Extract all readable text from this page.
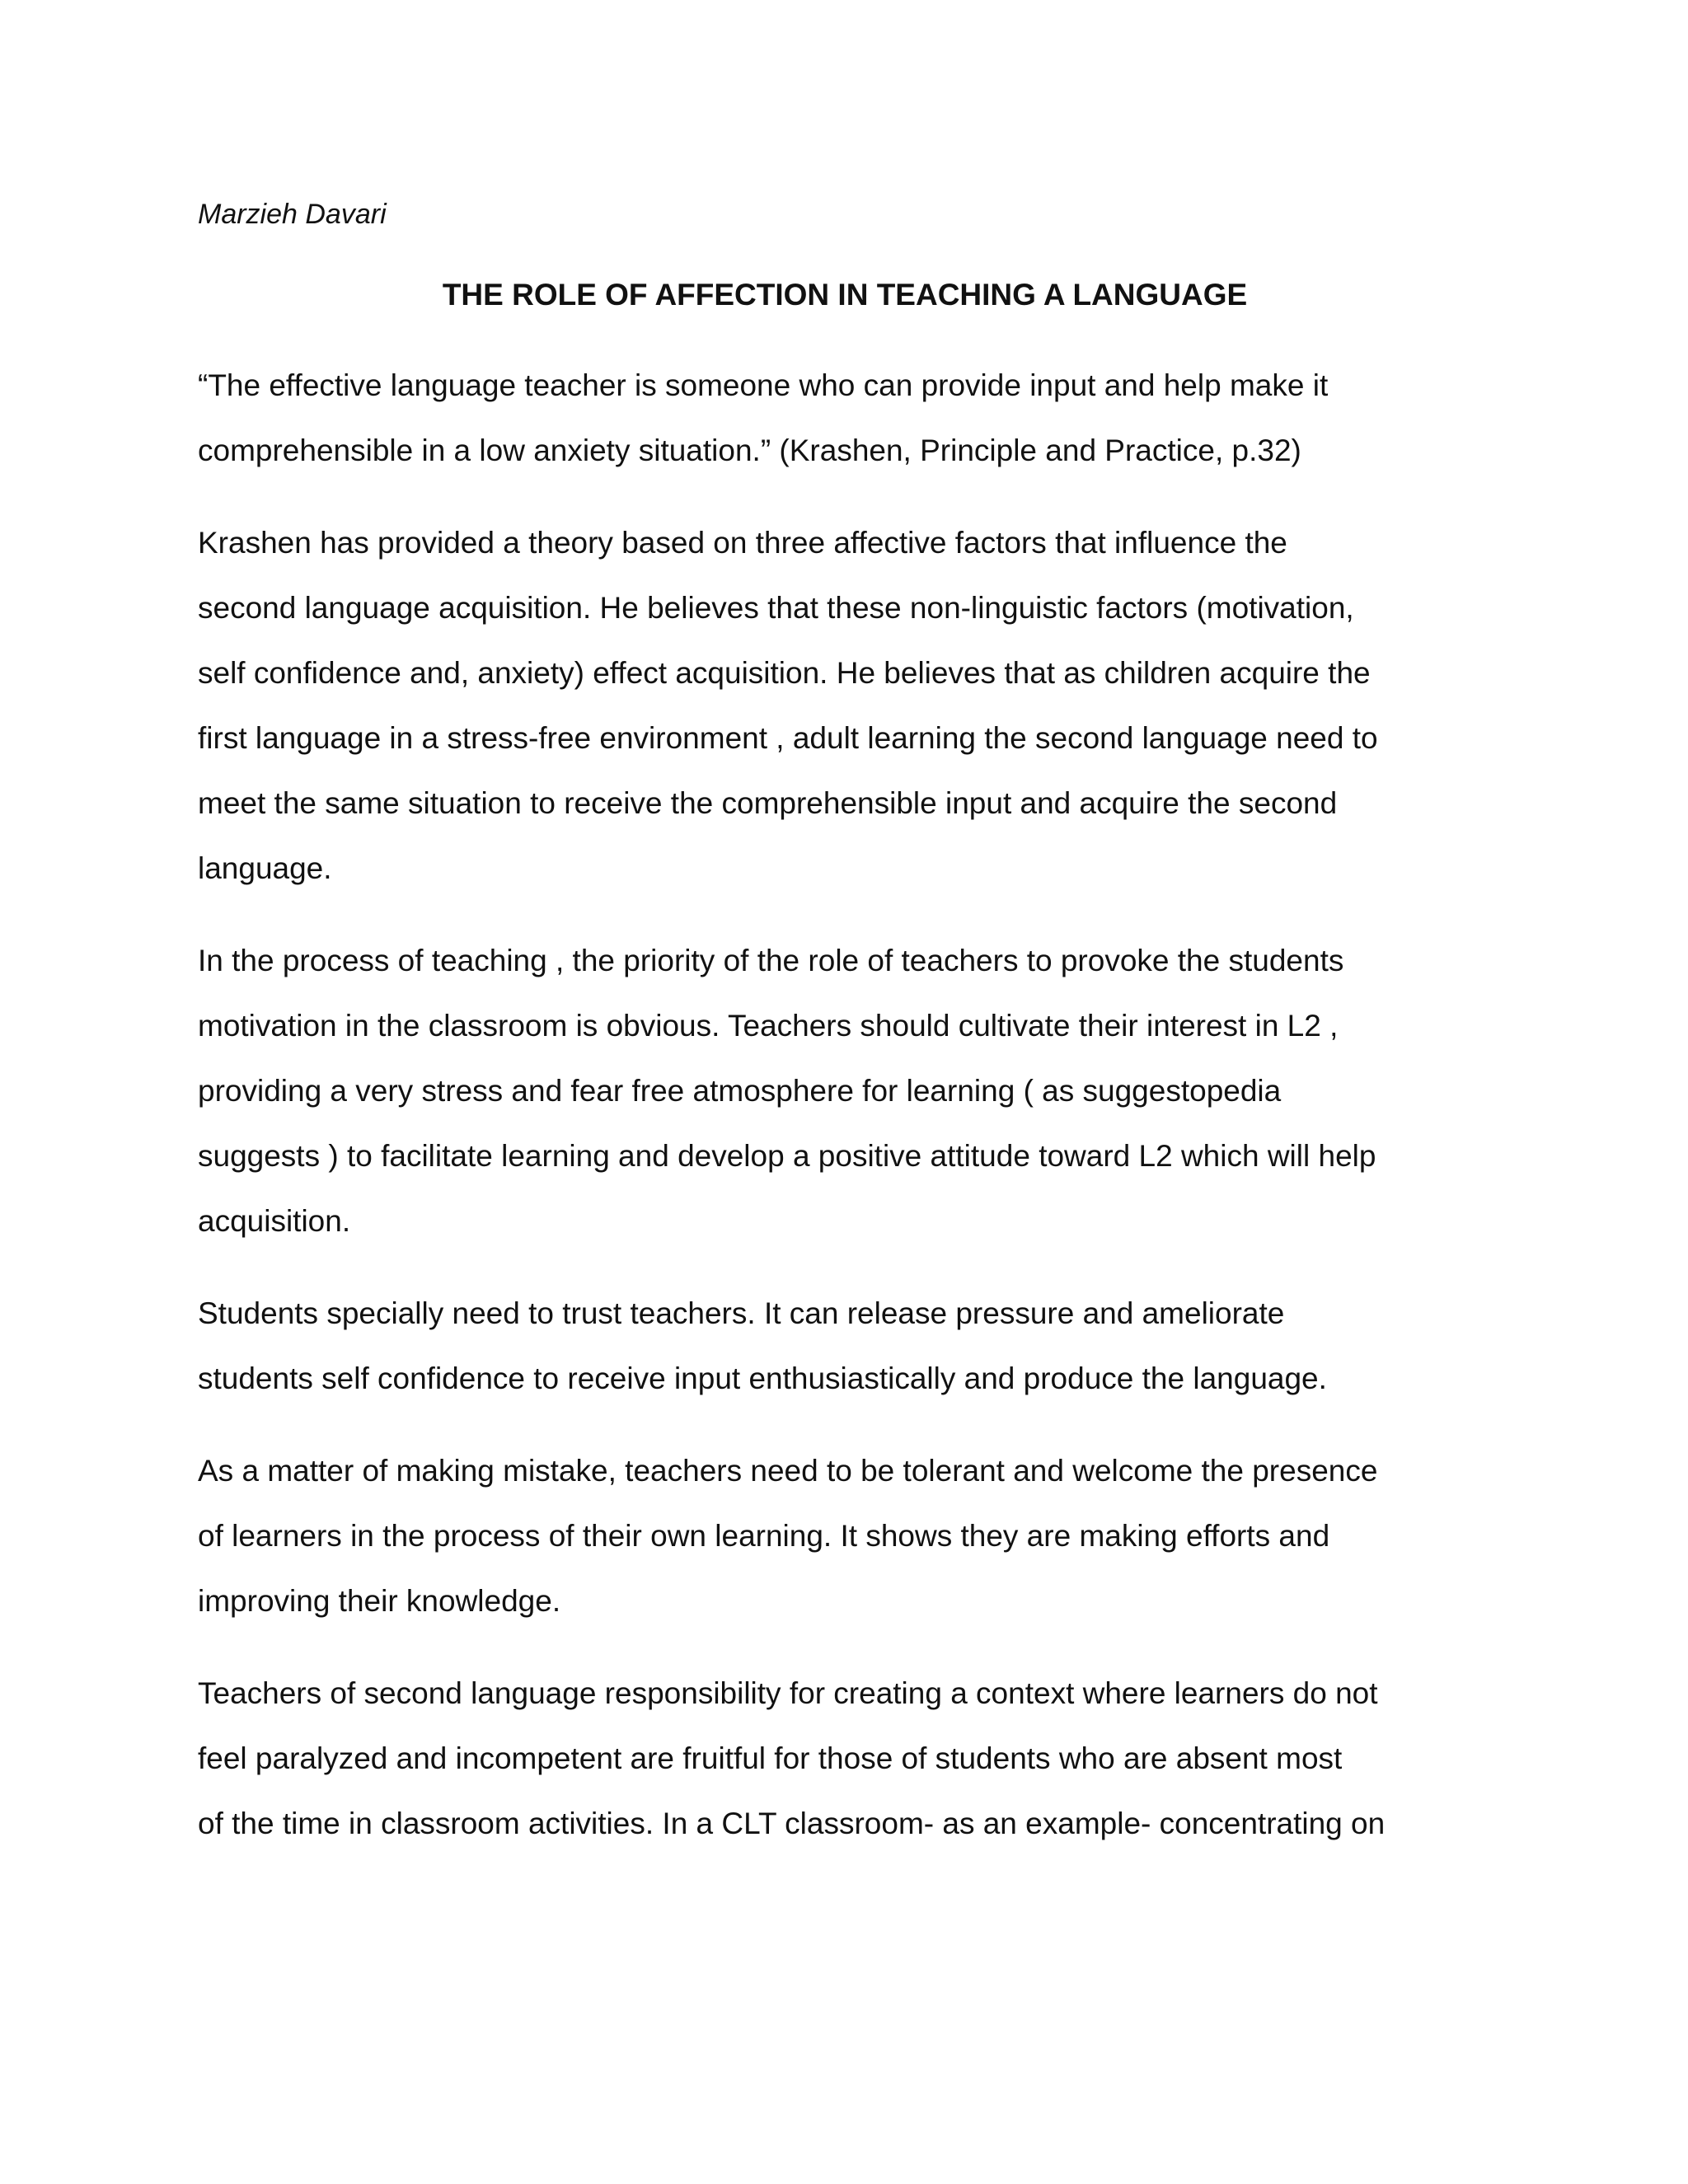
Marzieh Davari
THE ROLE OF AFFECTION IN TEACHING A LANGUAGE
“The effective language teacher is someone who can provide input and help make it
comprehensible in a low anxiety situation.” (Krashen, Principle and Practice, p.32)
Krashen has provided a theory based on three affective factors that influence the
second language acquisition. He believes that these non-linguistic factors (motivation,
self confidence and, anxiety) effect acquisition. He believes that as children acquire the
first language in a stress-free environment , adult learning the second language need to
meet the same situation to receive the comprehensible input and acquire the second
language.
In the process of teaching , the priority of the role of teachers to provoke the students
motivation in the classroom is obvious. Teachers should cultivate their interest in L2 ,
providing a very stress and fear free atmosphere for learning ( as suggestopedia
suggests ) to facilitate learning and develop a positive attitude toward L2 which will help
acquisition.
Students specially need to trust teachers. It can release pressure and ameliorate
students self confidence to receive input enthusiastically and produce the language.
As a matter of making mistake, teachers need to be tolerant and welcome the presence
of learners in the process of their own learning. It shows they are making efforts and
improving their knowledge.
Teachers of second language responsibility for creating a context where learners do not
feel paralyzed and incompetent are fruitful for those of students who are absent most
of the time in classroom activities. In a CLT classroom- as an example- concentrating on
